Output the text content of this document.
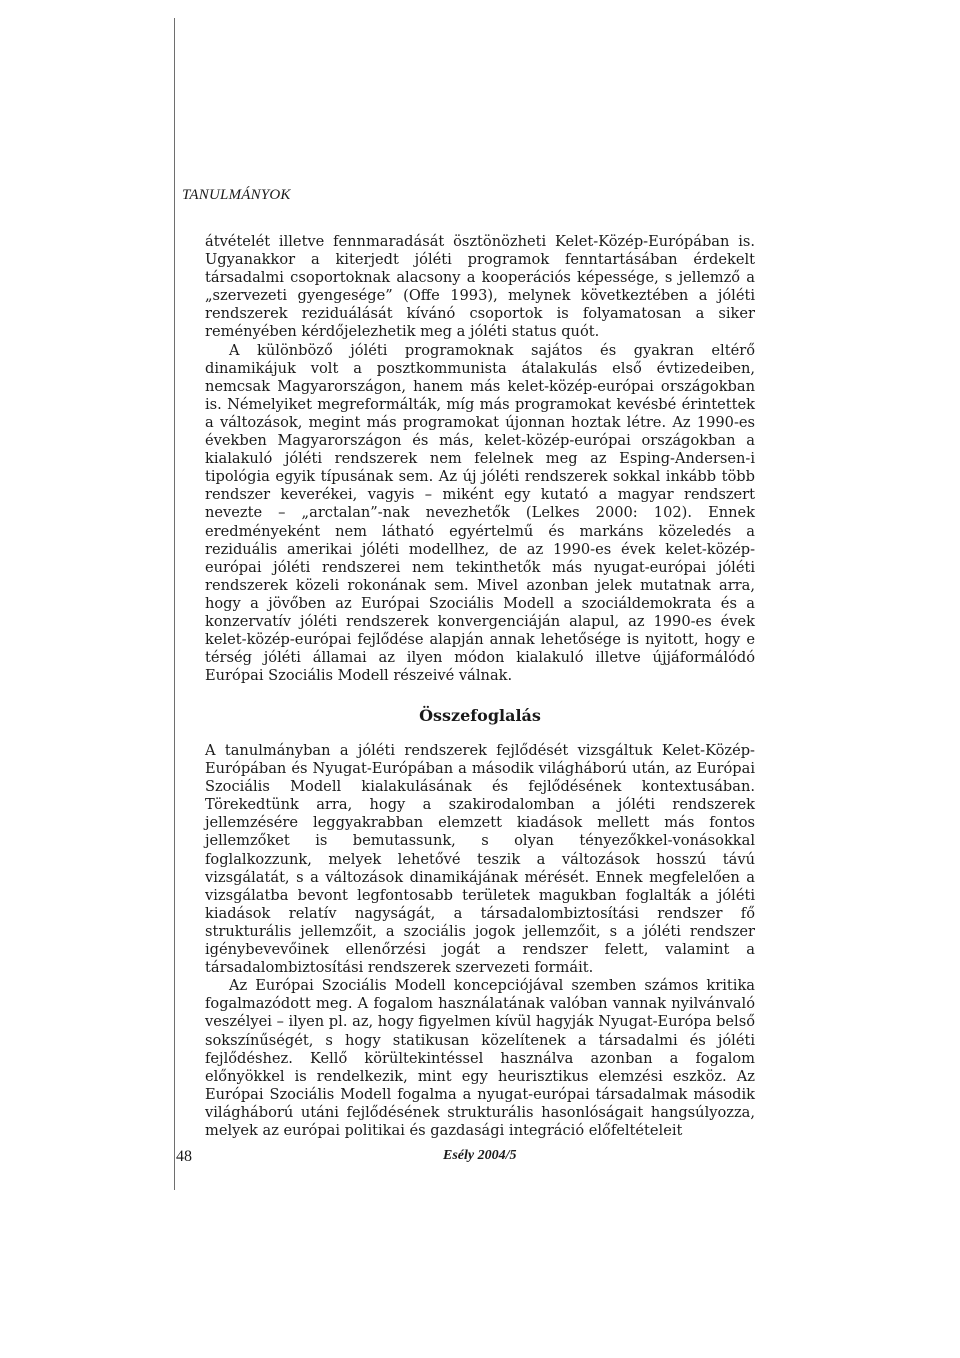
TANULMÁNYOK

átvételét illetve fennmaradását ösztönözheti Kelet-Közép-Európában is. Ugyanakkor a kiterjedt jóléti programok fenntartásában érdekelt társadalmi csoportoknak alacsony a kooperációs képessége, s jellemző a „szervezeti gyengesége” (Offe 1993), melynek következtében a jóléti rendszerek reziduálását kívánó csoportok is folyamatosan a siker reményében kérdőjelezhetik meg a jóléti status quót.

A különböző jóléti programoknak sajátos és gyakran eltérő dinamikájuk volt a posztkommunista átalakulás első évtizedeiben, nemcsak Magyarországon, hanem más kelet-közép-európai országokban is. Némelyiket megreformálták, míg más programokat kevésbé érintettek a változások, megint más programokat újonnan hoztak létre. Az 1990-es években Magyarországon és más, kelet-közép-európai országokban a kialakuló jóléti rendszerek nem felelnek meg az Esping-Andersen-i tipológia egyik típusának sem. Az új jóléti rendszerek sokkal inkább több rendszer keverékei, vagyis – miként egy kutató a magyar rendszert nevezte – „arctalan”-nak nevezhetők (Lelkes 2000: 102). Ennek eredményeként nem látható egyértelmű és markáns közeledés a reziduális amerikai jóléti modellhez, de az 1990-es évek kelet-közép-európai jóléti rendszerei nem tekinthetők más nyugat-európai jóléti rendszerek közeli rokonának sem. Mivel azonban jelek mutatnak arra, hogy a jövőben az Európai Szociális Modell a szociáldemokrata és a konzervatív jóléti rendszerek konvergenciáján alapul, az 1990-es évek kelet-közép-európai fejlődése alapján annak lehetősége is nyitott, hogy e térség jóléti államai az ilyen módon kialakuló illetve újjáformálódó Európai Szociális Modell részeivé válnak.

Összefoglalás

A tanulmányban a jóléti rendszerek fejlődését vizsgáltuk Kelet-Közép-Európában és Nyugat-Európában a második világháború után, az Európai Szociális Modell kialakulásának és fejlődésének kontextusában. Törekedtünk arra, hogy a szakirodalomban a jóléti rendszerek jellemzésére leggyakrabban elemzett kiadások mellett más fontos jellemzőket is bemutassunk, s olyan tényezőkkel-vonásokkal foglalkozzunk, melyek lehetővé teszik a változások hosszú távú vizsgálatát, s a változások dinamikájának mérését. Ennek megfelelően a vizsgálatba bevont legfontosabb területek magukban foglalták a jóléti kiadások relatív nagyságát, a társadalombiztosítási rendszer fő strukturális jellemzőit, a szociális jogok jellemzőit, s a jóléti rendszer igénybevevőinek ellenőrzési jogát a rendszer felett, valamint a társadalombiztosítási rendszerek szervezeti formáit.

Az Európai Szociális Modell koncepciójával szemben számos kritika fogalmazódott meg. A fogalom használatának valóban vannak nyilvánvaló veszélyei – ilyen pl. az, hogy figyelmen kívül hagyják Nyugat-Európa belső sokszínűségét, s hogy statikusan közelítenek a társadalmi és jóléti fejlődéshez. Kellő körültekintéssel használva azonban a fogalom előnyökkel is rendelkezik, mint egy heurisztikus elemzési eszköz. Az Európai Szociális Modell fogalma a nyugat-európai társadalmak második világháború utáni fejlődésének strukturális hasonlóságait hangsúlyozza, melyek az európai politikai és gazdasági integráció előfeltételeit

48	Esély 2004/5
